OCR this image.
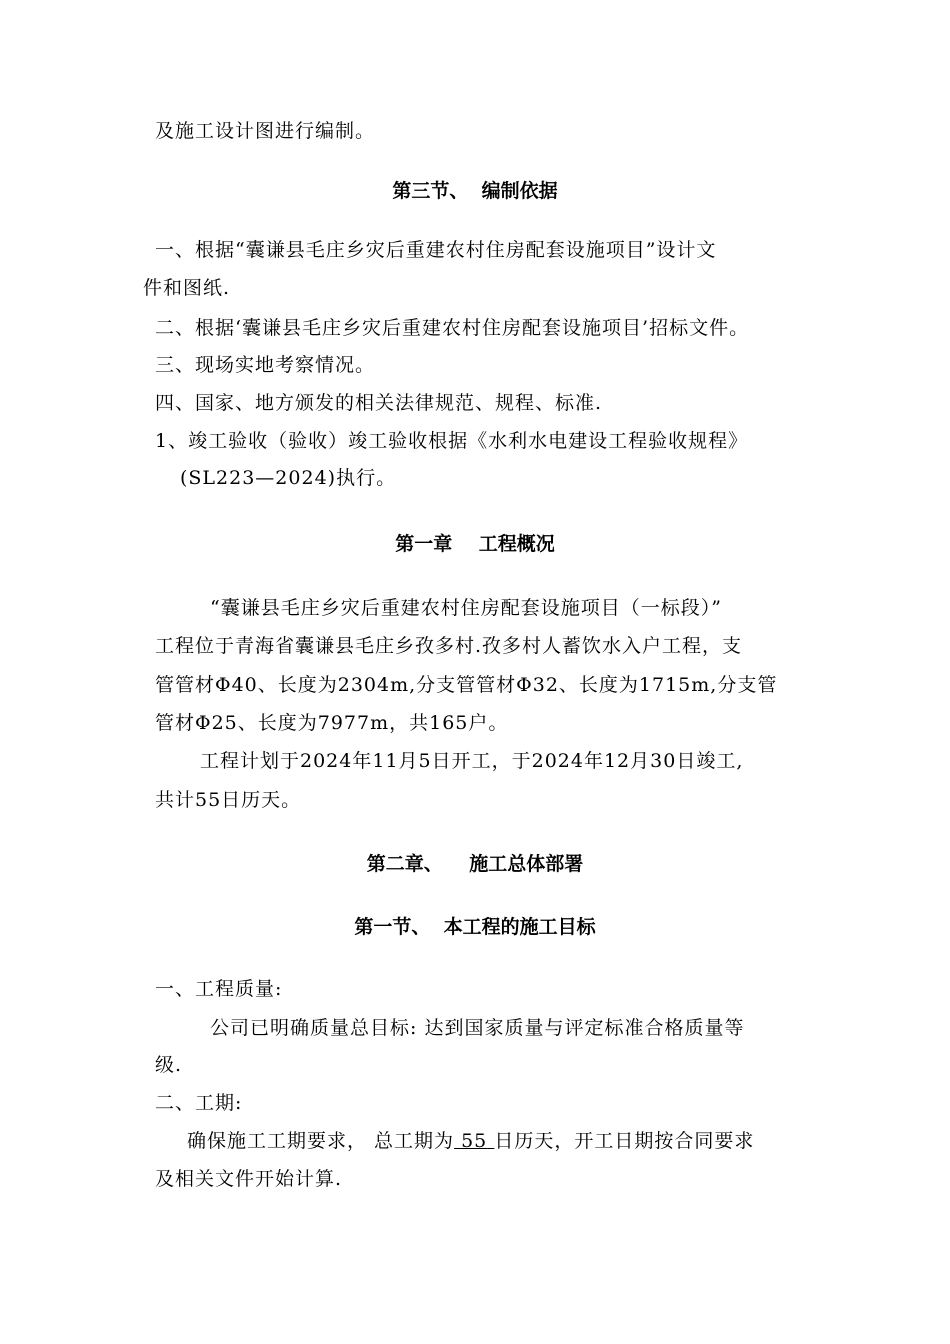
及施工设计图进行编制。
第三节、  编制依据
一、根据“囊谦县毛庄乡灾后重建农村住房配套设施项目”设计文
件和图纸.
二、根据‘囊谦县毛庄乡灾后重建农村住房配套设施项目’招标文件。
三、现场实地考察情况。
四、国家、地方颁发的相关法律规范、规程、标准.
1、竣工验收（验收）竣工验收根据《水利水电建设工程验收规程》
(SL223—2024)执行。
第一章    工程概况
“囊谦县毛庄乡灾后重建农村住房配套设施项目（一标段）”
工程位于青海省囊谦县毛庄乡孜多村.孜多村人蓄饮水入户工程，支
管管材Φ40、长度为2304m,分支管管材Φ32、长度为1715m,分支管
管材Φ25、长度为7977m，共165户。
工程计划于2024年11月5日开工，于2024年12月30日竣工,
共计55日历天。
第二章、    施工总体部署
第一节、  本工程的施工目标
一、工程质量:
公司已明确质量总目标: 达到国家质量与评定标准合格质量等
级.
二、工期:
确保施工工期要求， 总工期为 55 日历天，开工日期按合同要求
及相关文件开始计算.
